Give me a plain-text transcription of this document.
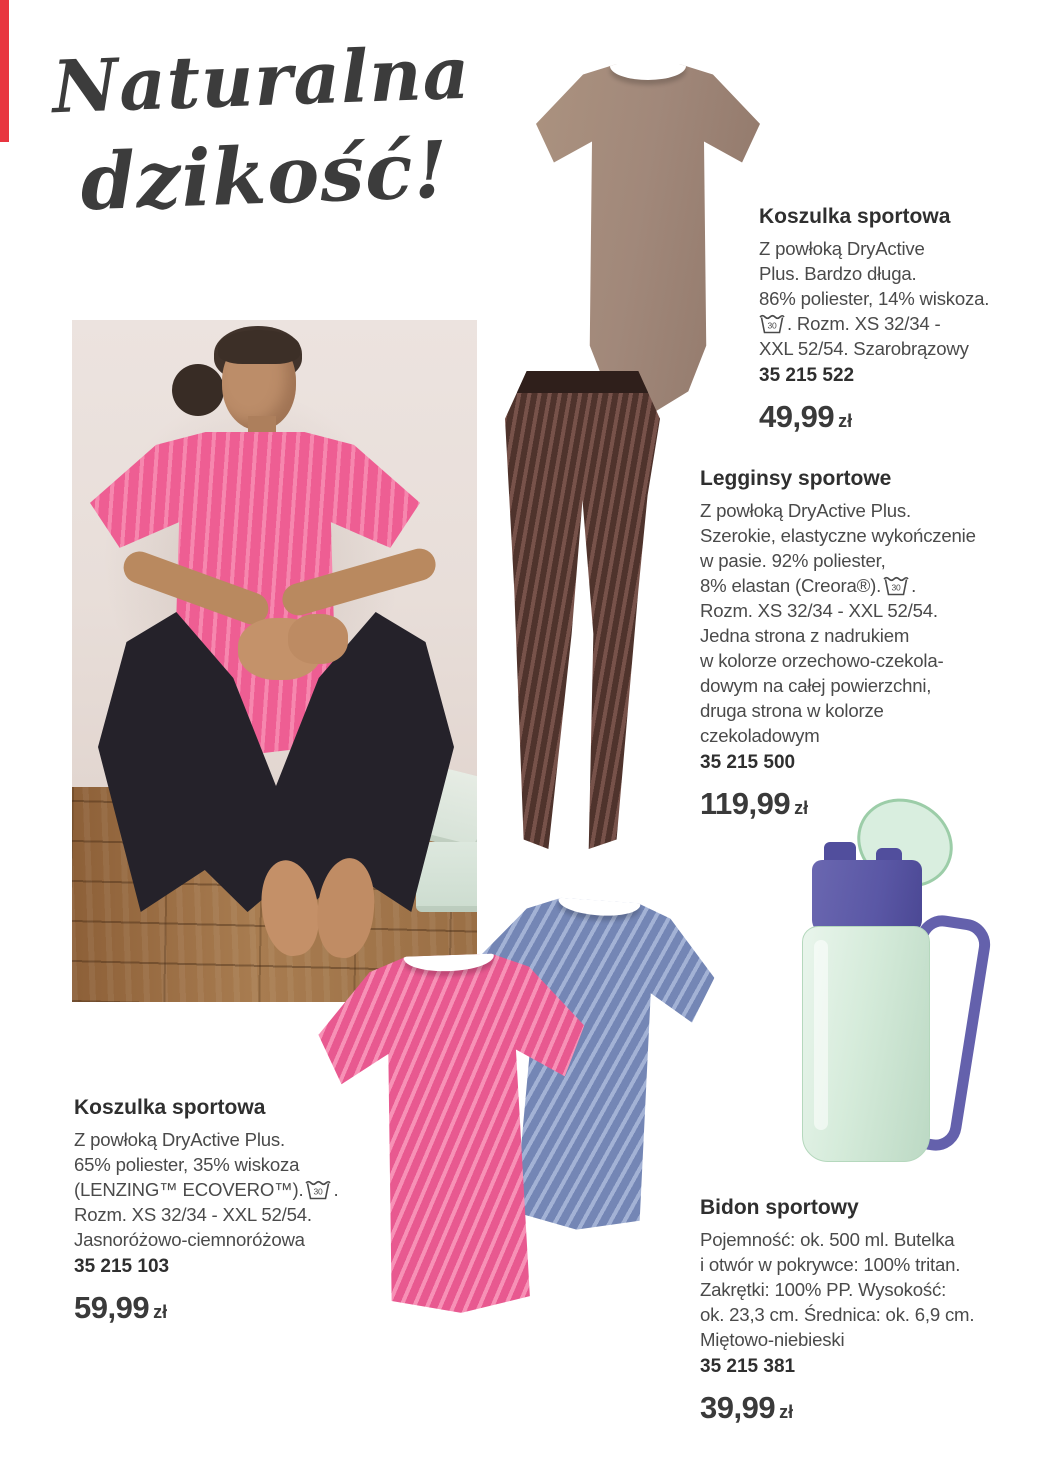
Naturalna
dzikość!	Koszulka sportowa
Z powłoką DryActive
Plus. Bardzo długa.
86% poliester, 14% wiskoza.
30 . Rozm. XS 32/34 -
XXL 52/54. Szarobrązowy
35 215 522
49,99 zł
Legginsy sportowe
Z powłoką DryActive Plus.
Szerokie, elastyczne wykończenie
w pasie. 92% poliester,
8% elastan (Creora®). 30 .
Rozm. XS 32/34 - XXL 52/54.
Jedna strona z nadrukiem
w kolorze orzechowo-czekola-
dowym na całej powierzchni,
druga strona w kolorze
czekoladowym
35 215 500
119,99 zł
Koszulka sportowa
Z powłoką DryActive Plus.
65% poliester, 35% wiskoza
(LENZING™ ECOVERO™). 30 .
Rozm. XS 32/34 - XXL 52/54.
Jasnoróżowo-ciemnoróżowa
35 215 103
59,99 zł
Bidon sportowy
Pojemność: ok. 500 ml. Butelka
i otwór w pokrywce: 100% tritan.
Zakrętki: 100% PP. Wysokość:
ok. 23,3 cm. Średnica: ok. 6,9 cm.
Miętowo-niebieski
35 215 381
39,99 zł
